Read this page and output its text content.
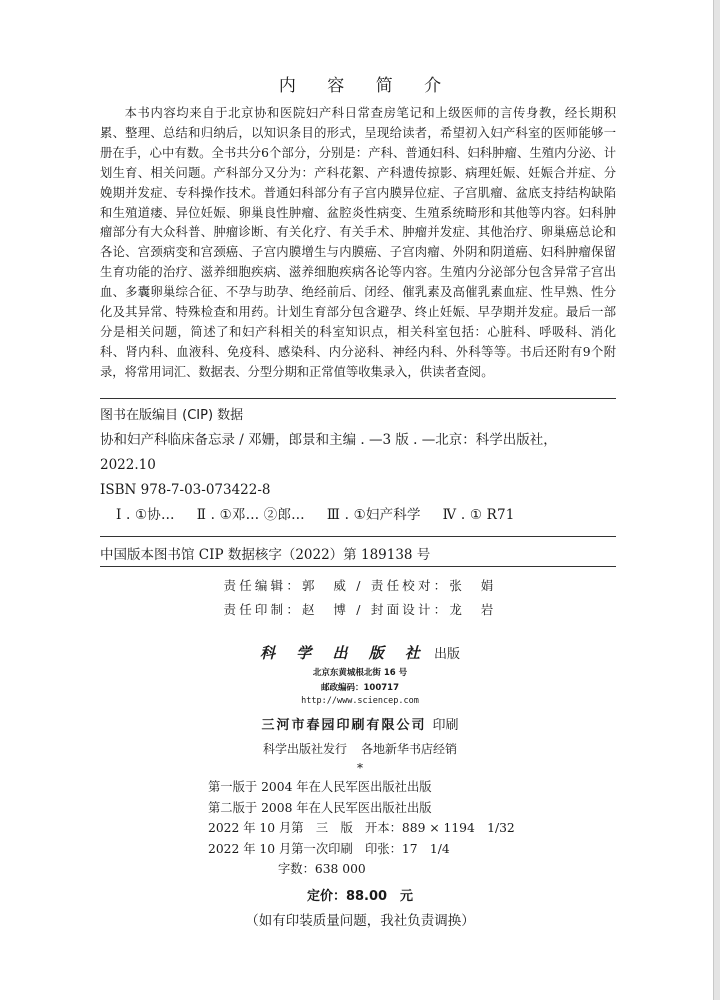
内 容 简 介

本书内容均来自于北京协和医院妇产科日常查房笔记和上级医师的言传身教，经长期积累、整理、总结和归纳后，以知识条目的形式，呈现给读者，希望初入妇产科室的医师能够一册在手，心中有数。全书共分6个部分，分别是：产科、普通妇科、妇科肿瘤、生殖内分泌、计划生育、相关问题。产科部分又分为：产科花絮、产科遗传掠影、病理妊娠、妊娠合并症、分娩期并发症、专科操作技术。普通妇科部分有子宫内膜异位症、子宫肌瘤、盆底支持结构缺陷和生殖道瘘、异位妊娠、卵巢良性肿瘤、盆腔炎性病变、生殖系统畸形和其他等内容。妇科肿瘤部分有大众科普、肿瘤诊断、有关化疗、有关手术、肿瘤并发症、其他治疗、卵巢癌总论和各论、宫颈病变和宫颈癌、子宫内膜增生与内膜癌、子宫肉瘤、外阴和阴道癌、妇科肿瘤保留生育功能的治疗、滋养细胞疾病、滋养细胞疾病各论等内容。生殖内分泌部分包含异常子宫出血、多囊卵巢综合征、不孕与助孕、绝经前后、闭经、催乳素及高催乳素血症、性早熟、性分化及其异常、特殊检查和用药。计划生育部分包含避孕、终止妊娠、早孕期并发症。最后一部分是相关问题，简述了和妇产科相关的科室知识点，相关科室包括：心脏科、呼吸科、消化科、肾内科、血液科、免疫科、感染科、内分泌科、神经内科、外科等等。书后还附有9个附录，将常用词汇、数据表、分型分期和正常值等收集录入，供读者查阅。

图书在版编目 (CIP) 数据
协和妇产科临床备忘录 / 邓姗，郎景和主编 . —3 版 . —北京：科学出版社，
2022.10
ISBN 978-7-03-073422-8
Ⅰ . ①协… Ⅱ . ①邓… ②郎… Ⅲ . ①妇产科学 Ⅳ . ① R71
中国版本图书馆 CIP 数据核字（2022）第 189138 号
责任编辑：郭　威 / 责任校对：张　娟
责任印制：赵　博 / 封面设计：龙　岩
科 学 出 版 社 出版
北京东黄城根北街 16 号
邮政编码：100717
http://www.sciencep.com
三河市春园印刷有限公司 印刷
科学出版社发行 各地新华书店经销
*
第一版于 2004 年在人民军医出版社出版
第二版于 2008 年在人民军医出版社出版
2022 年 10 月第　三　版　开本：889 × 1194　1/32
2022 年 10 月第一次印刷　印张：17　1/4
字数：638 000
定价：88.00　元
（如有印装质量问题，我社负责调换）
